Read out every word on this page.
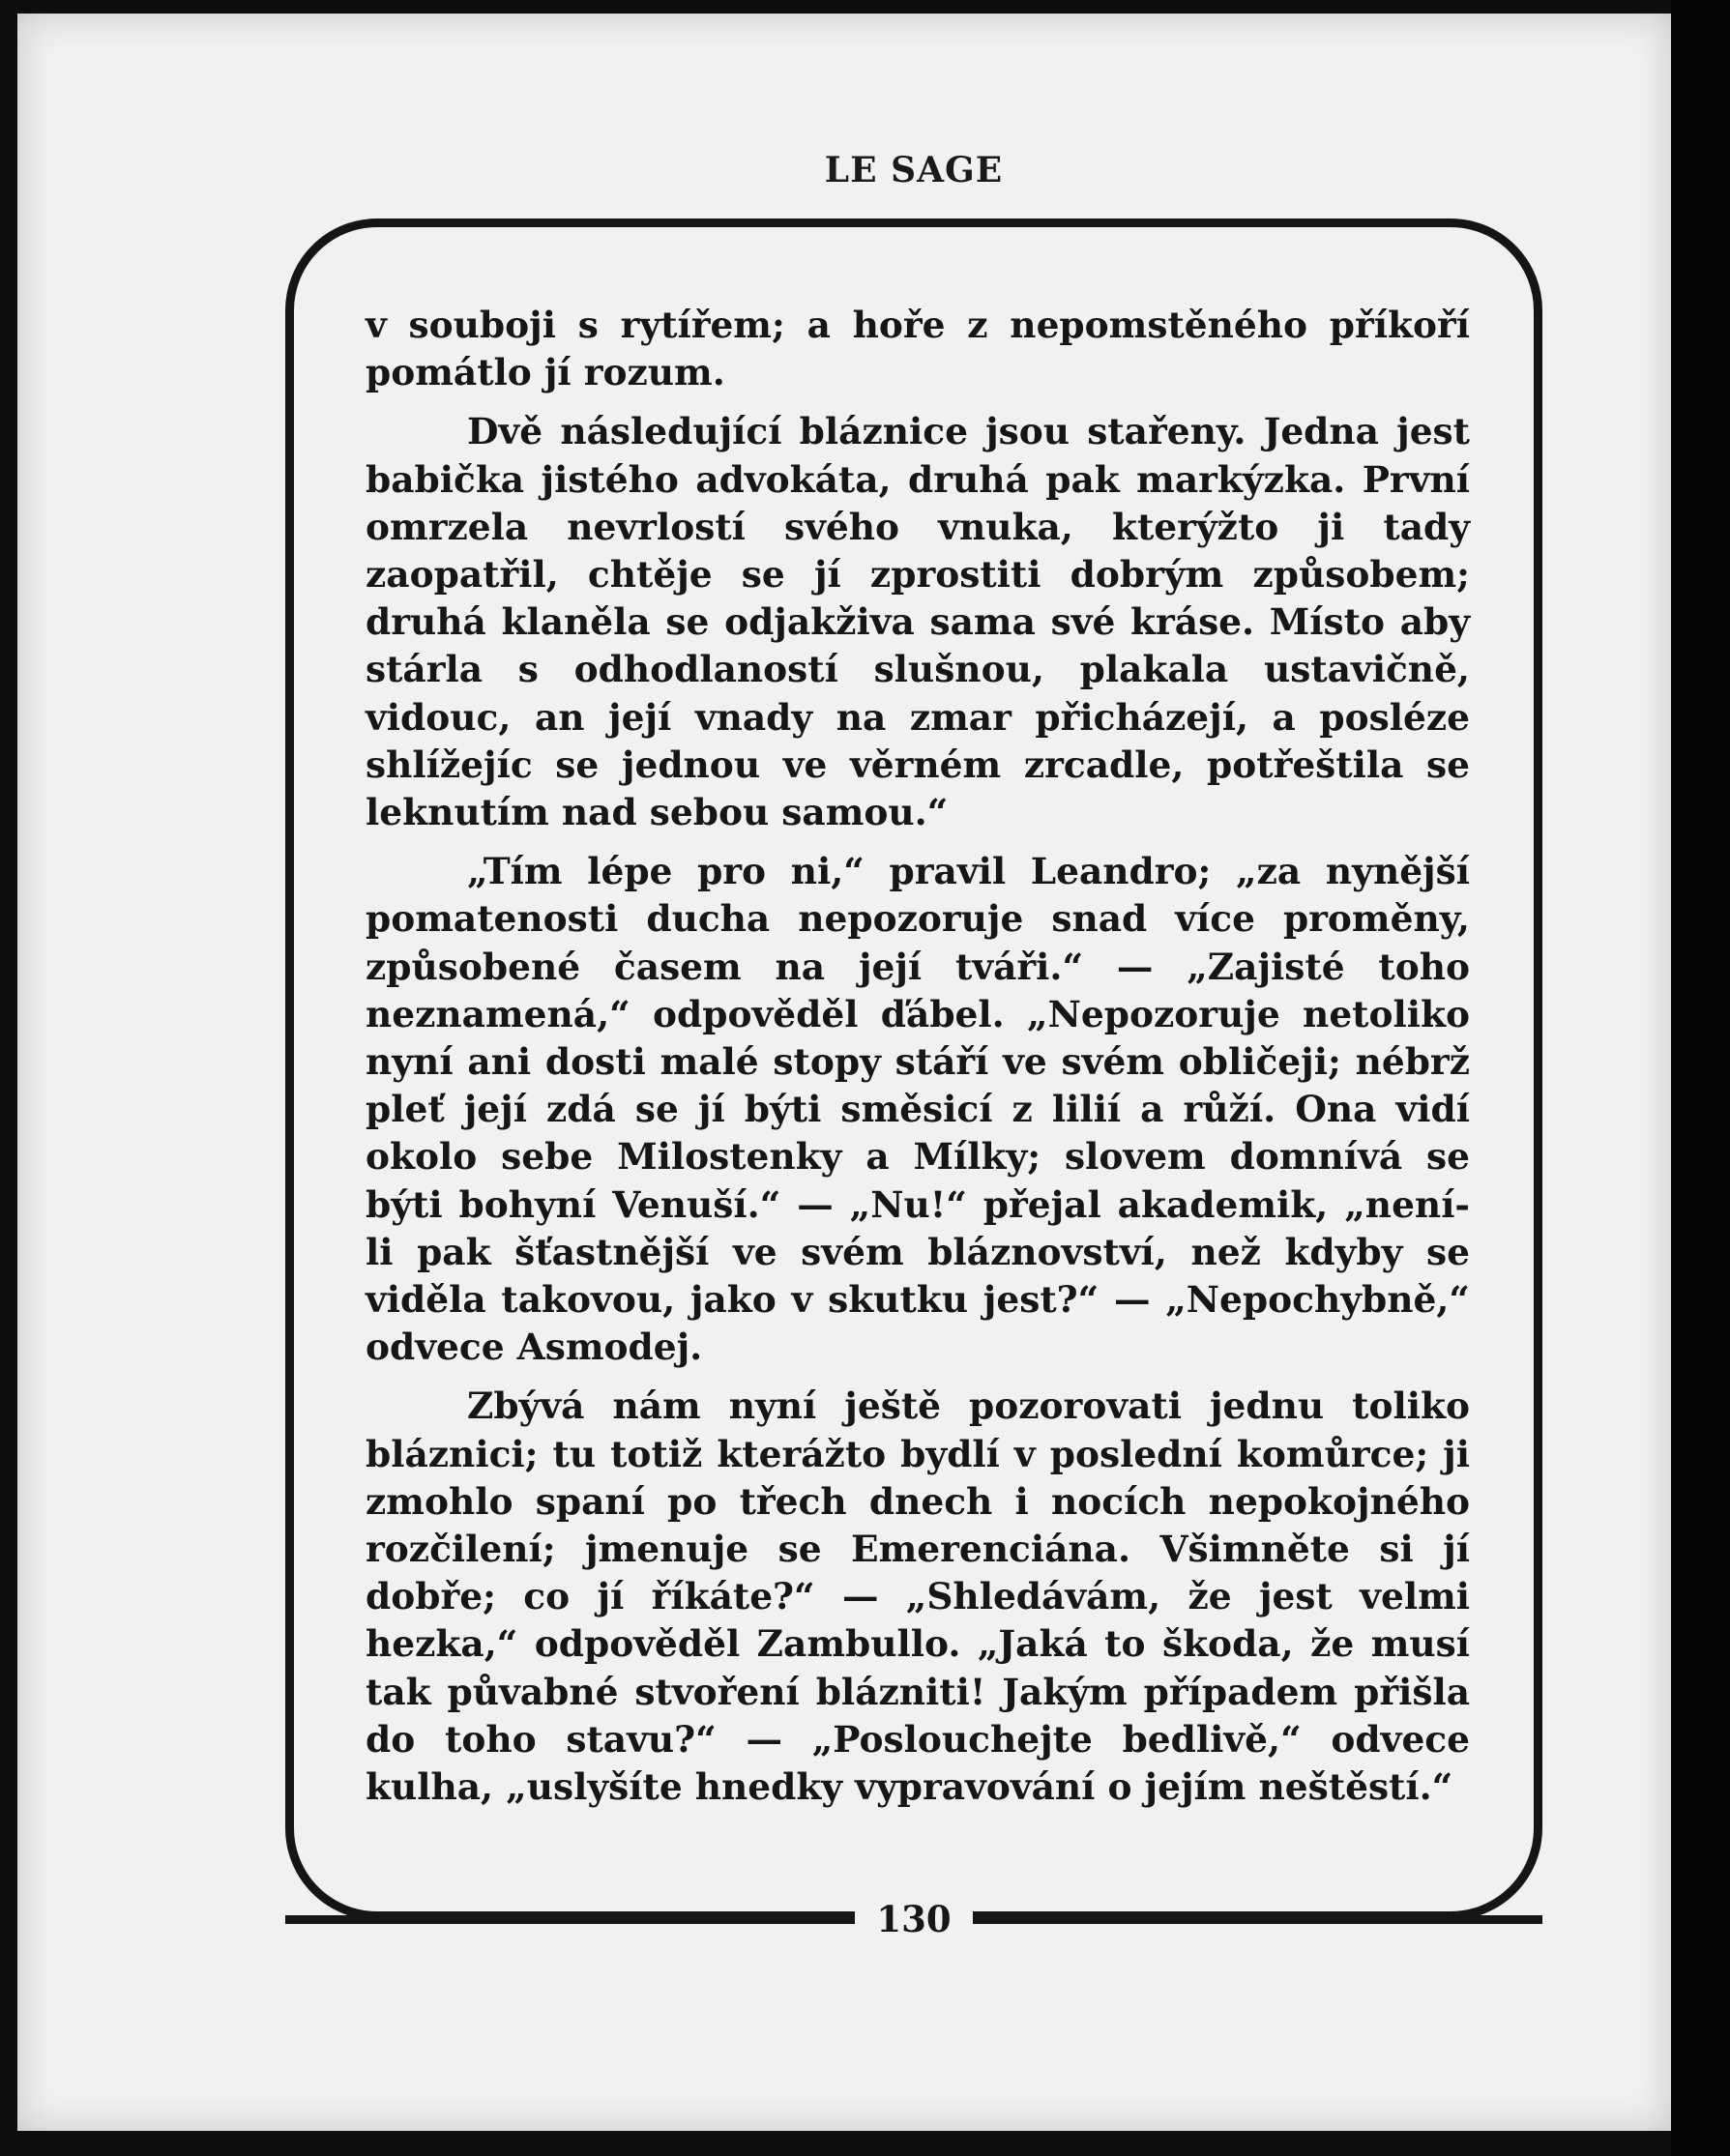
LE SAGE

v souboji s rytířem; a hoře z nepomstěného příkoří pomátlo jí rozum.

Dvě následující bláznice jsou stařeny. Jedna jest babička jistého advokáta, druhá pak markýzka. První omrzela nevrlostí svého vnuka, kterýžto ji tady zaopatřil, chtěje se jí zprostiti dobrým způsobem; druhá klaněla se odjakživa sama své kráse. Místo aby stárla s odhodlaností slušnou, plakala ustavičně, vidouc, an její vnady na zmar přicházejí, a posléze shlížejíc se jednou ve věrném zrcadle, potřeštila se leknutím nad sebou samou.“

„Tím lépe pro ni,“ pravil Leandro; „za nynější pomatenosti ducha nepozoruje snad více proměny, způsobené časem na její tváři.“ — „Zajisté toho neznamená,“ odpověděl ďábel. „Nepozoruje netoliko nyní ani dosti malé stopy stáří ve svém obličeji; nébrž pleť její zdá se jí býti směsicí z lilií a růží. Ona vidí okolo sebe Milostenky a Mílky; slovem domnívá se býti bohyní Venuší.“ — „Nu!“ přejal akademik, „není-li pak šťastnější ve svém bláznovství, než kdyby se viděla takovou, jako v skutku jest?“ — „Nepochybně,“ odvece Asmodej.

Zbývá nám nyní ještě pozorovati jednu toliko bláznici; tu totiž kterážto bydlí v poslední komůrce; ji zmohlo spaní po třech dnech i nocích nepokojného rozčilení; jmenuje se Emerenciána. Všimněte si jí dobře; co jí říkáte?“ — „Shledávám, že jest velmi hezka,“ odpověděl Zambullo. „Jaká to škoda, že musí tak půvabné stvoření blázniti! Jakým případem přišla do toho stavu?“ — „Poslouchejte bedlivě,“ odvece kulha, „uslyšíte hnedky vypravování o jejím neštěstí.“

130
